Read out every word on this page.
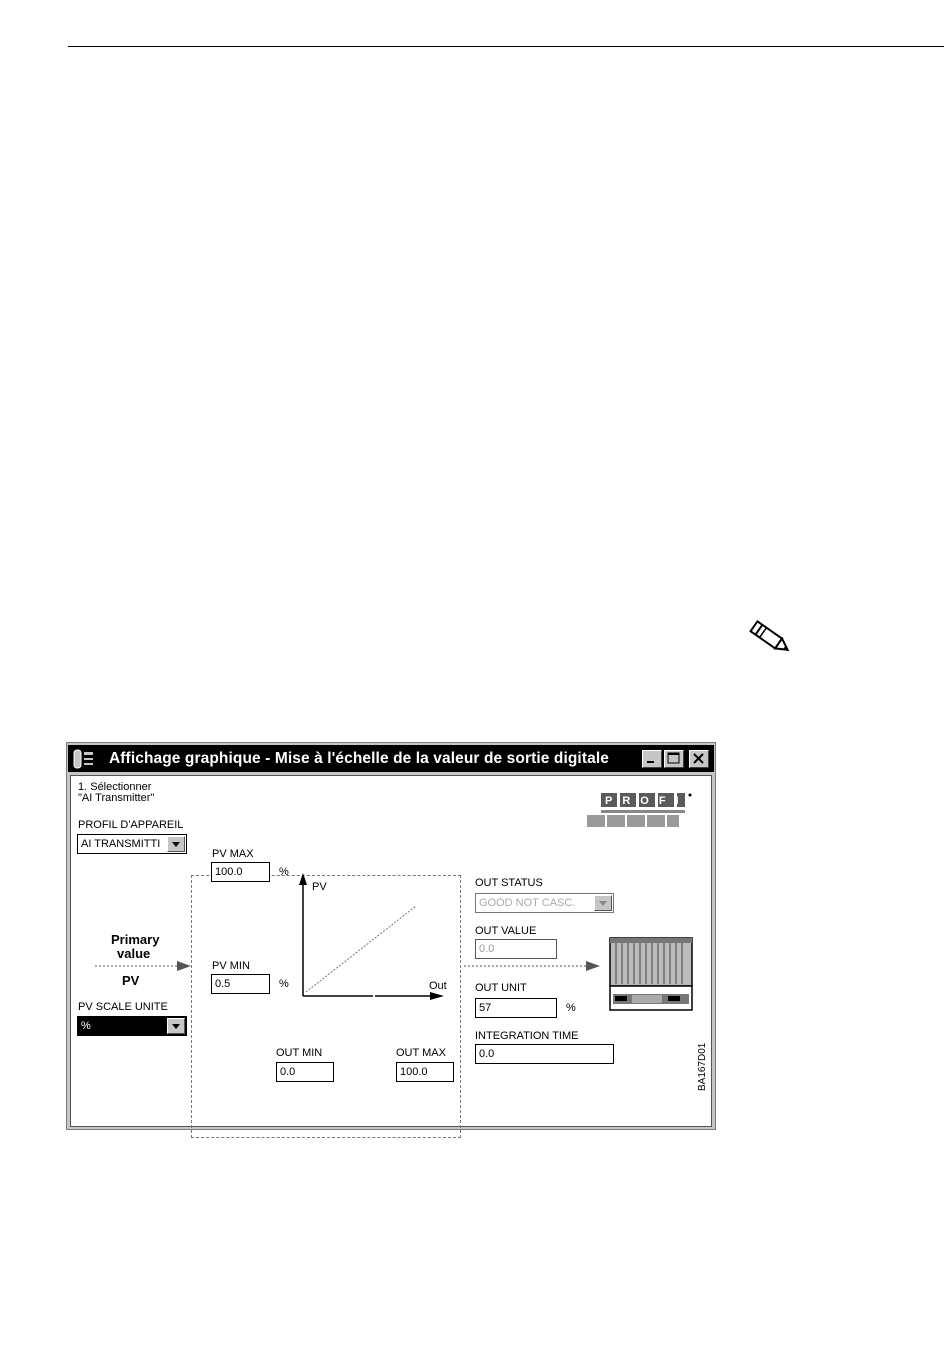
Affichage graphique - Mise à l'échelle de la valeur de sortie digitale
1. Sélectionner
"AI Transmitter"	PROFI
PROFIL D'APPAREIL
AI TRANSMITTI
Primary
value
PV
PV SCALE UNITE
%
PV MAX
100.0	%
PV MIN
0.5	%
PV
Out
OUT MIN
0.0
OUT MAX
100.0
OUT STATUS
GOOD NOT CASC.
OUT VALUE
0.0
OUT UNIT
57	%
INTEGRATION TIME
0.0	BA167D01
